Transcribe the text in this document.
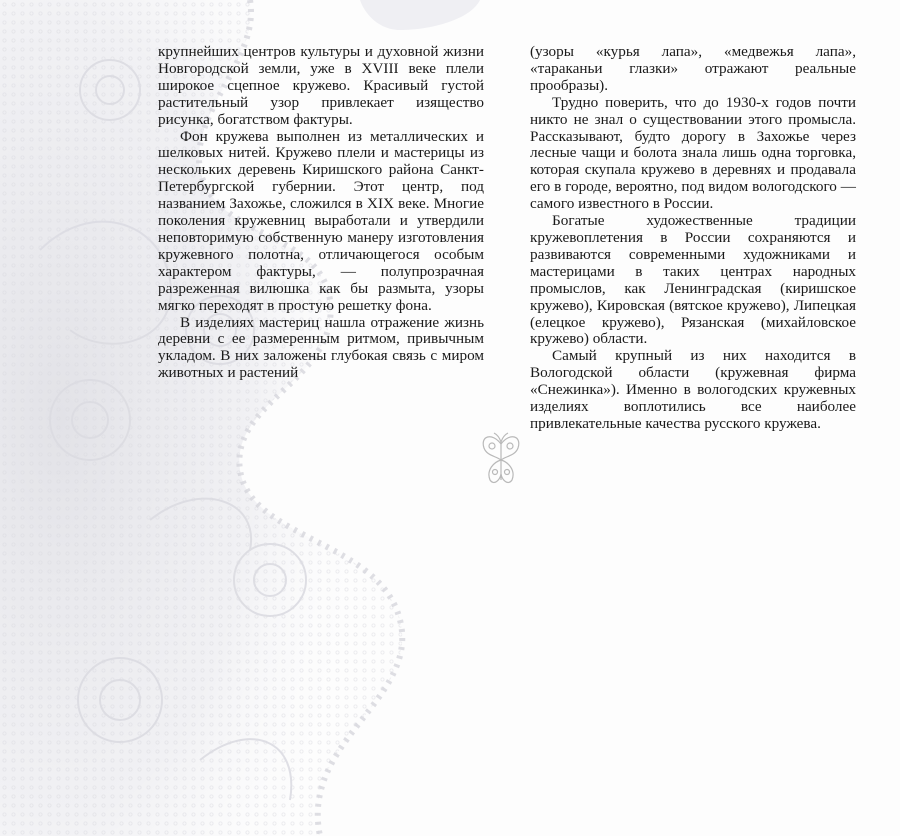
крупнейших центров культуры и духовной жизни Новгородской земли, уже в XVIII веке плели широкое сцепное кружево. Красивый густой растительный узор привлекает изящество рисунка, богатством фактуры.

Фон кружева выполнен из металлических и шелковых нитей. Кружево плели и мастерицы из нескольких деревень Киришского района Санкт-Петербургской губернии. Этот центр, под названием Захожье, сложился в XIX веке. Многие поколения кружевниц выработали и утвердили неповторимую собственную манеру изготовления кружевного полотна, отличающегося особым характером фактуры, — полупрозрачная разреженная вилюшка как бы размыта, узоры мягко переходят в простую решетку фона.

В изделиях мастериц нашла отражение жизнь деревни с ее размеренным ритмом, привычным укладом. В них заложены глубокая связь с миром животных и растений

(узоры «курья лапа», «медвежья лапа», «тараканьи глазки» отражают реальные прообразы).

Трудно поверить, что до 1930-х годов почти никто не знал о существовании этого промысла. Рассказывают, будто дорогу в Захожье через лесные чащи и болота знала лишь одна торговка, которая скупала кружево в деревнях и продавала его в городе, вероятно, под видом вологодского — самого известного в России.

Богатые художественные традиции кружевоплетения в России сохраняются и развиваются современными художниками и мастерицами в таких центрах народных промыслов, как Ленинградская (киришское кружево), Кировская (вятское кружево), Липецкая (елецкое кружево), Рязанская (михайловское кружево) области.

Самый крупный из них находится в Вологодской области (кружевная фирма «Снежинка»). Именно в вологодских кружевных изделиях воплотились все наиболее привлекательные качества русского кружева.
